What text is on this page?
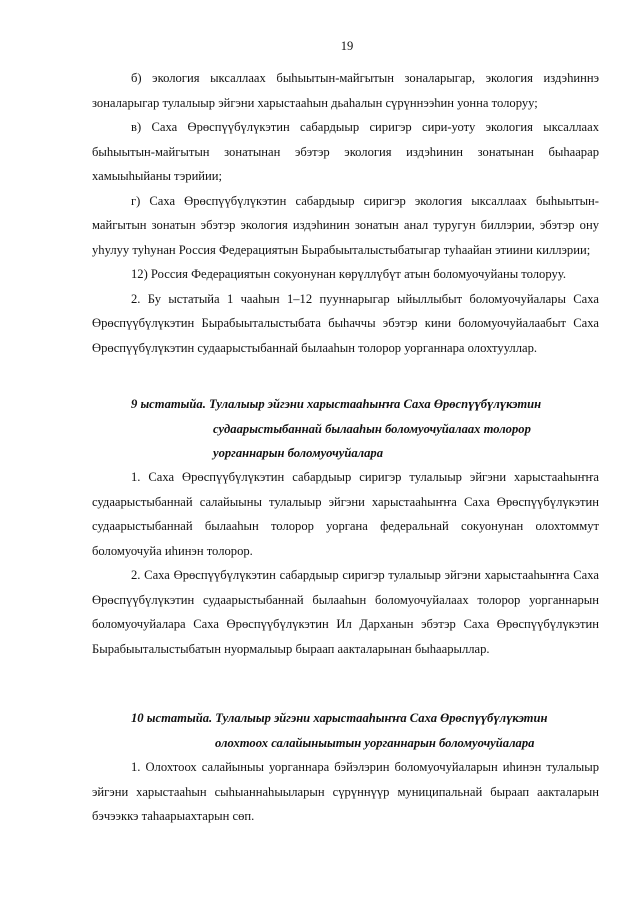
19

б) экология ыксаллаах быһыытын-майгытын зоналарыгар, экология издэһиннэ зоналарыгар тулалыыр эйгэни харыстааһын дьаһалын сүрүннээһин уонна толоруу;

в) Саха Өрөспүүбүлүкэтин сабардыыр сиригэр сири-уоту экология ыксаллаах быһыытын-майгытын зонатынан эбэтэр экология издэһинин зонатынан быһаарар хамыыһыйаны тэрийии;

г) Саха Өрөспүүбүлүкэтин сабардыыр сиригэр экология ыксаллаах быһыытын-майгытын зонатын эбэтэр экология издэһинин зонатын анал туругун биллэрии, эбэтэр ону уһулуу туһунан Россия Федерациятын Бырабыыталыстыбатыгар туһаайан этиини киллэрии;

12) Россия Федерациятын сокуонунан көрүллүбүт атын боломуочуйаны толоруу.

2. Бу ыстатыйа 1 чааһын 1–12 пууннарыгар ыйыллыбыт боломуочуйалары Саха Өрөспүүбүлүкэтин Бырабыыталыстыбата быһаччы эбэтэр кини боломуочуйалаабыт Саха Өрөспүүбүлүкэтин судаарыстыбаннай былааһын толорор уорганнара олохтууллар.

9 ыстатыйа. Тулалыыр эйгэни харыстааһыҥҥа Саха Өрөспүүбүлүкэтин
судаарыстыбаннай былааһын боломуочуйалаах толорор
уорганнарын боломуочуйалара

1. Саха Өрөспүүбүлүкэтин сабардыыр сиригэр тулалыыр эйгэни харыстааһыҥҥа судаарыстыбаннай салайыыны тулалыыр эйгэни харыстааһыҥҥа Саха Өрөспүүбүлүкэтин судаарыстыбаннай былааһын толорор уоргана федеральнай сокуонунан олохтоммут боломуочуйа иһинэн толорор.

2. Саха Өрөспүүбүлүкэтин сабардыыр сиригэр тулалыыр эйгэни харыстааһыҥҥа Саха Өрөспүүбүлүкэтин судаарыстыбаннай былааһын боломуочуйалаах толорор уорганнарын боломуочуйалара Саха Өрөспүүбүлүкэтин Ил Дарханын эбэтэр Саха Өрөспүүбүлүкэтин Бырабыыталыстыбатын нуормалыыр быраап аакталарынан быһаарыллар.

10 ыстатыйа. Тулалыыр эйгэни харыстааһыҥҥа Саха Өрөспүүбүлүкэтин
олохтоох салайыныытын уорганнарын боломуочуйалара

1. Олохтоох салайыныы уорганнара бэйэлэрин боломуочуйаларын иһинэн тулалыыр эйгэни харыстааһын сыһыаннаһыыларын сүрүннүүр муниципальнай быраап аакталарын бэчээккэ таһаарыахтарын сөп.
